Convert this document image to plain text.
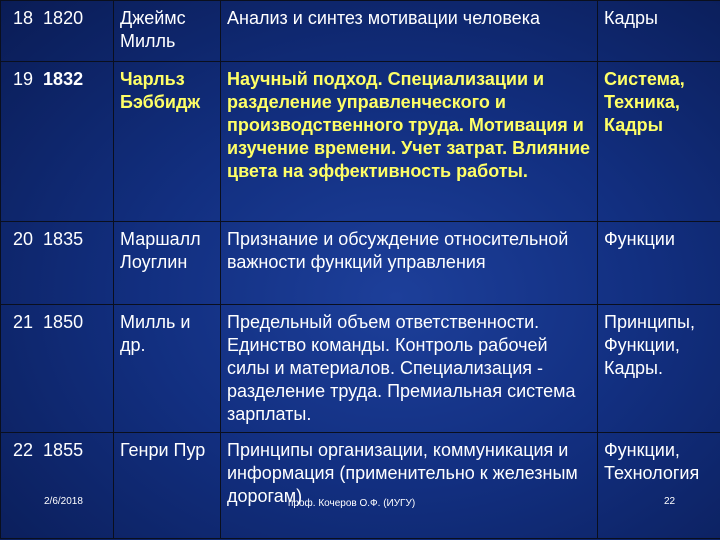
18 1820	Джеймс Милль	Анализ и синтез мотивации человека	Кадры
19 1832	Чарльз Бэббидж	Научный подход. Специализации и разделение управленческого и производственного труда. Мотивация и изучение времени. Учет затрат. Влияние цвета на эффективность работы.	Система, Техника, Кадры
20 1835	Маршалл Лоуглин	Признание и обсуждение относительной важности функций управления	Функции
21 1850	Милль и др.	Предельный объем ответственности. Единство команды. Контроль рабочей силы и материалов. Специализация - разделение труда. Премиальная система зарплаты.	Принципы, Функции, Кадры.
22 1855	Генри Пур	Принципы организации, коммуникация и информация (применительно к железным дорогам)	Функции, Технология
2/6/2018	проф. Кочеров О.Ф. (ИУГУ)	22
